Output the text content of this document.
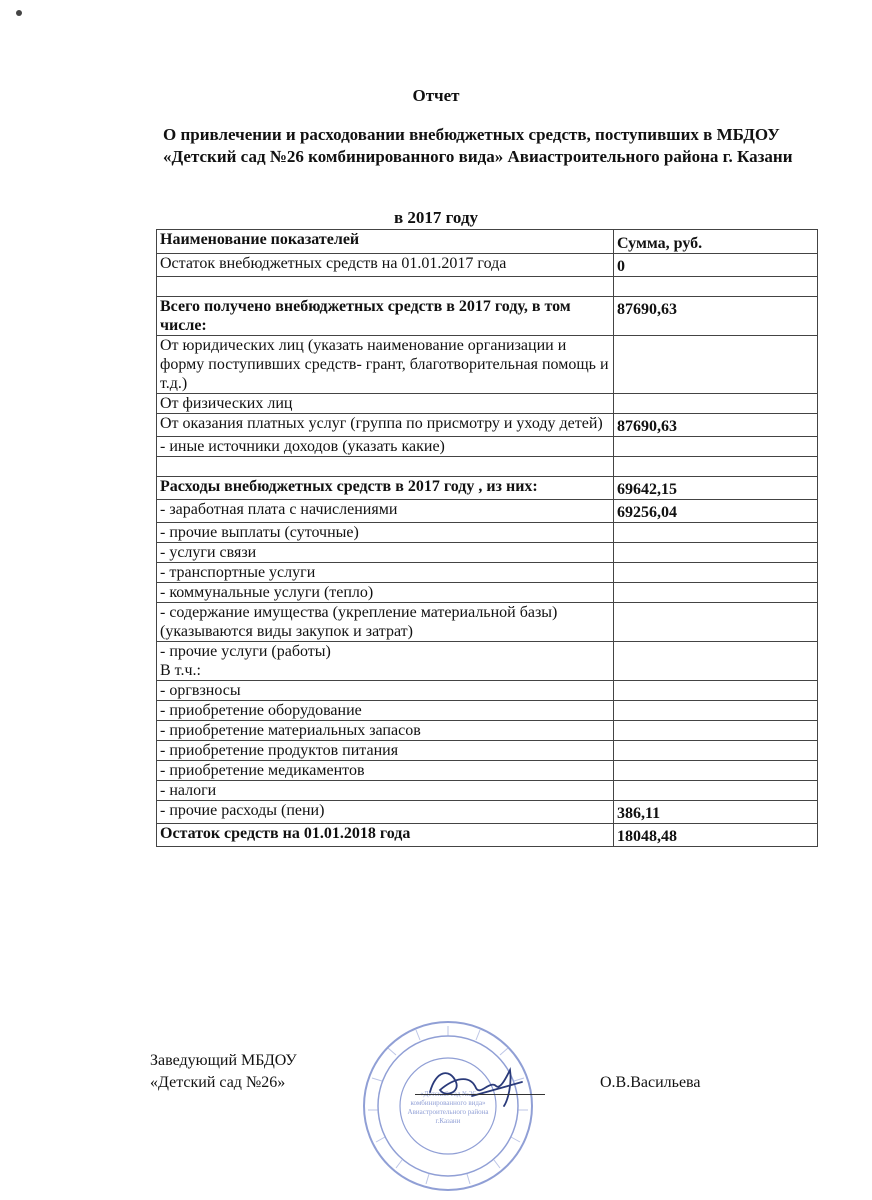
Отчет
О привлечении и расходовании внебюджетных средств, поступивших в МБДОУ «Детский сад №26 комбинированного вида» Авиастроительного района г. Казани
в 2017 году
Наименование показателей	Сумма, руб.
Остаток внебюджетных средств на 01.01.2017 года	0

Всего получено внебюджетных средств в 2017 году, в том числе:	87690,63
От юридических лиц (указать наименование организации и форму поступивших средств- грант, благотворительная помощь и т.д.)	
От физических лиц	
От оказания платных услуг (группа по присмотру и уходу детей)	87690,63
- иные источники доходов (указать какие)	

Расходы внебюджетных средств в 2017 году , из них:	69642,15
- заработная плата с начислениями	69256,04
- прочие выплаты (суточные)	
- услуги связи	
- транспортные услуги	
- коммунальные услуги (тепло)	
- содержание имущества (укрепление материальной базы)
(указываются виды закупок и затрат)	
- прочие услуги (работы)
В т.ч.:	
- оргвзносы	
- приобретение оборудование	
- приобретение материальных запасов	
- приобретение продуктов питания	
- приобретение медикаментов	
- налоги	
- прочие расходы (пени)	386,11
Остаток средств на 01.01.2018 года	18048,48
Заведующий МБДОУ
«Детский сад №26»
«Детский сад №26
комбинированного вида»
Авиастроительного района
г.Казани
О.В.Васильева
